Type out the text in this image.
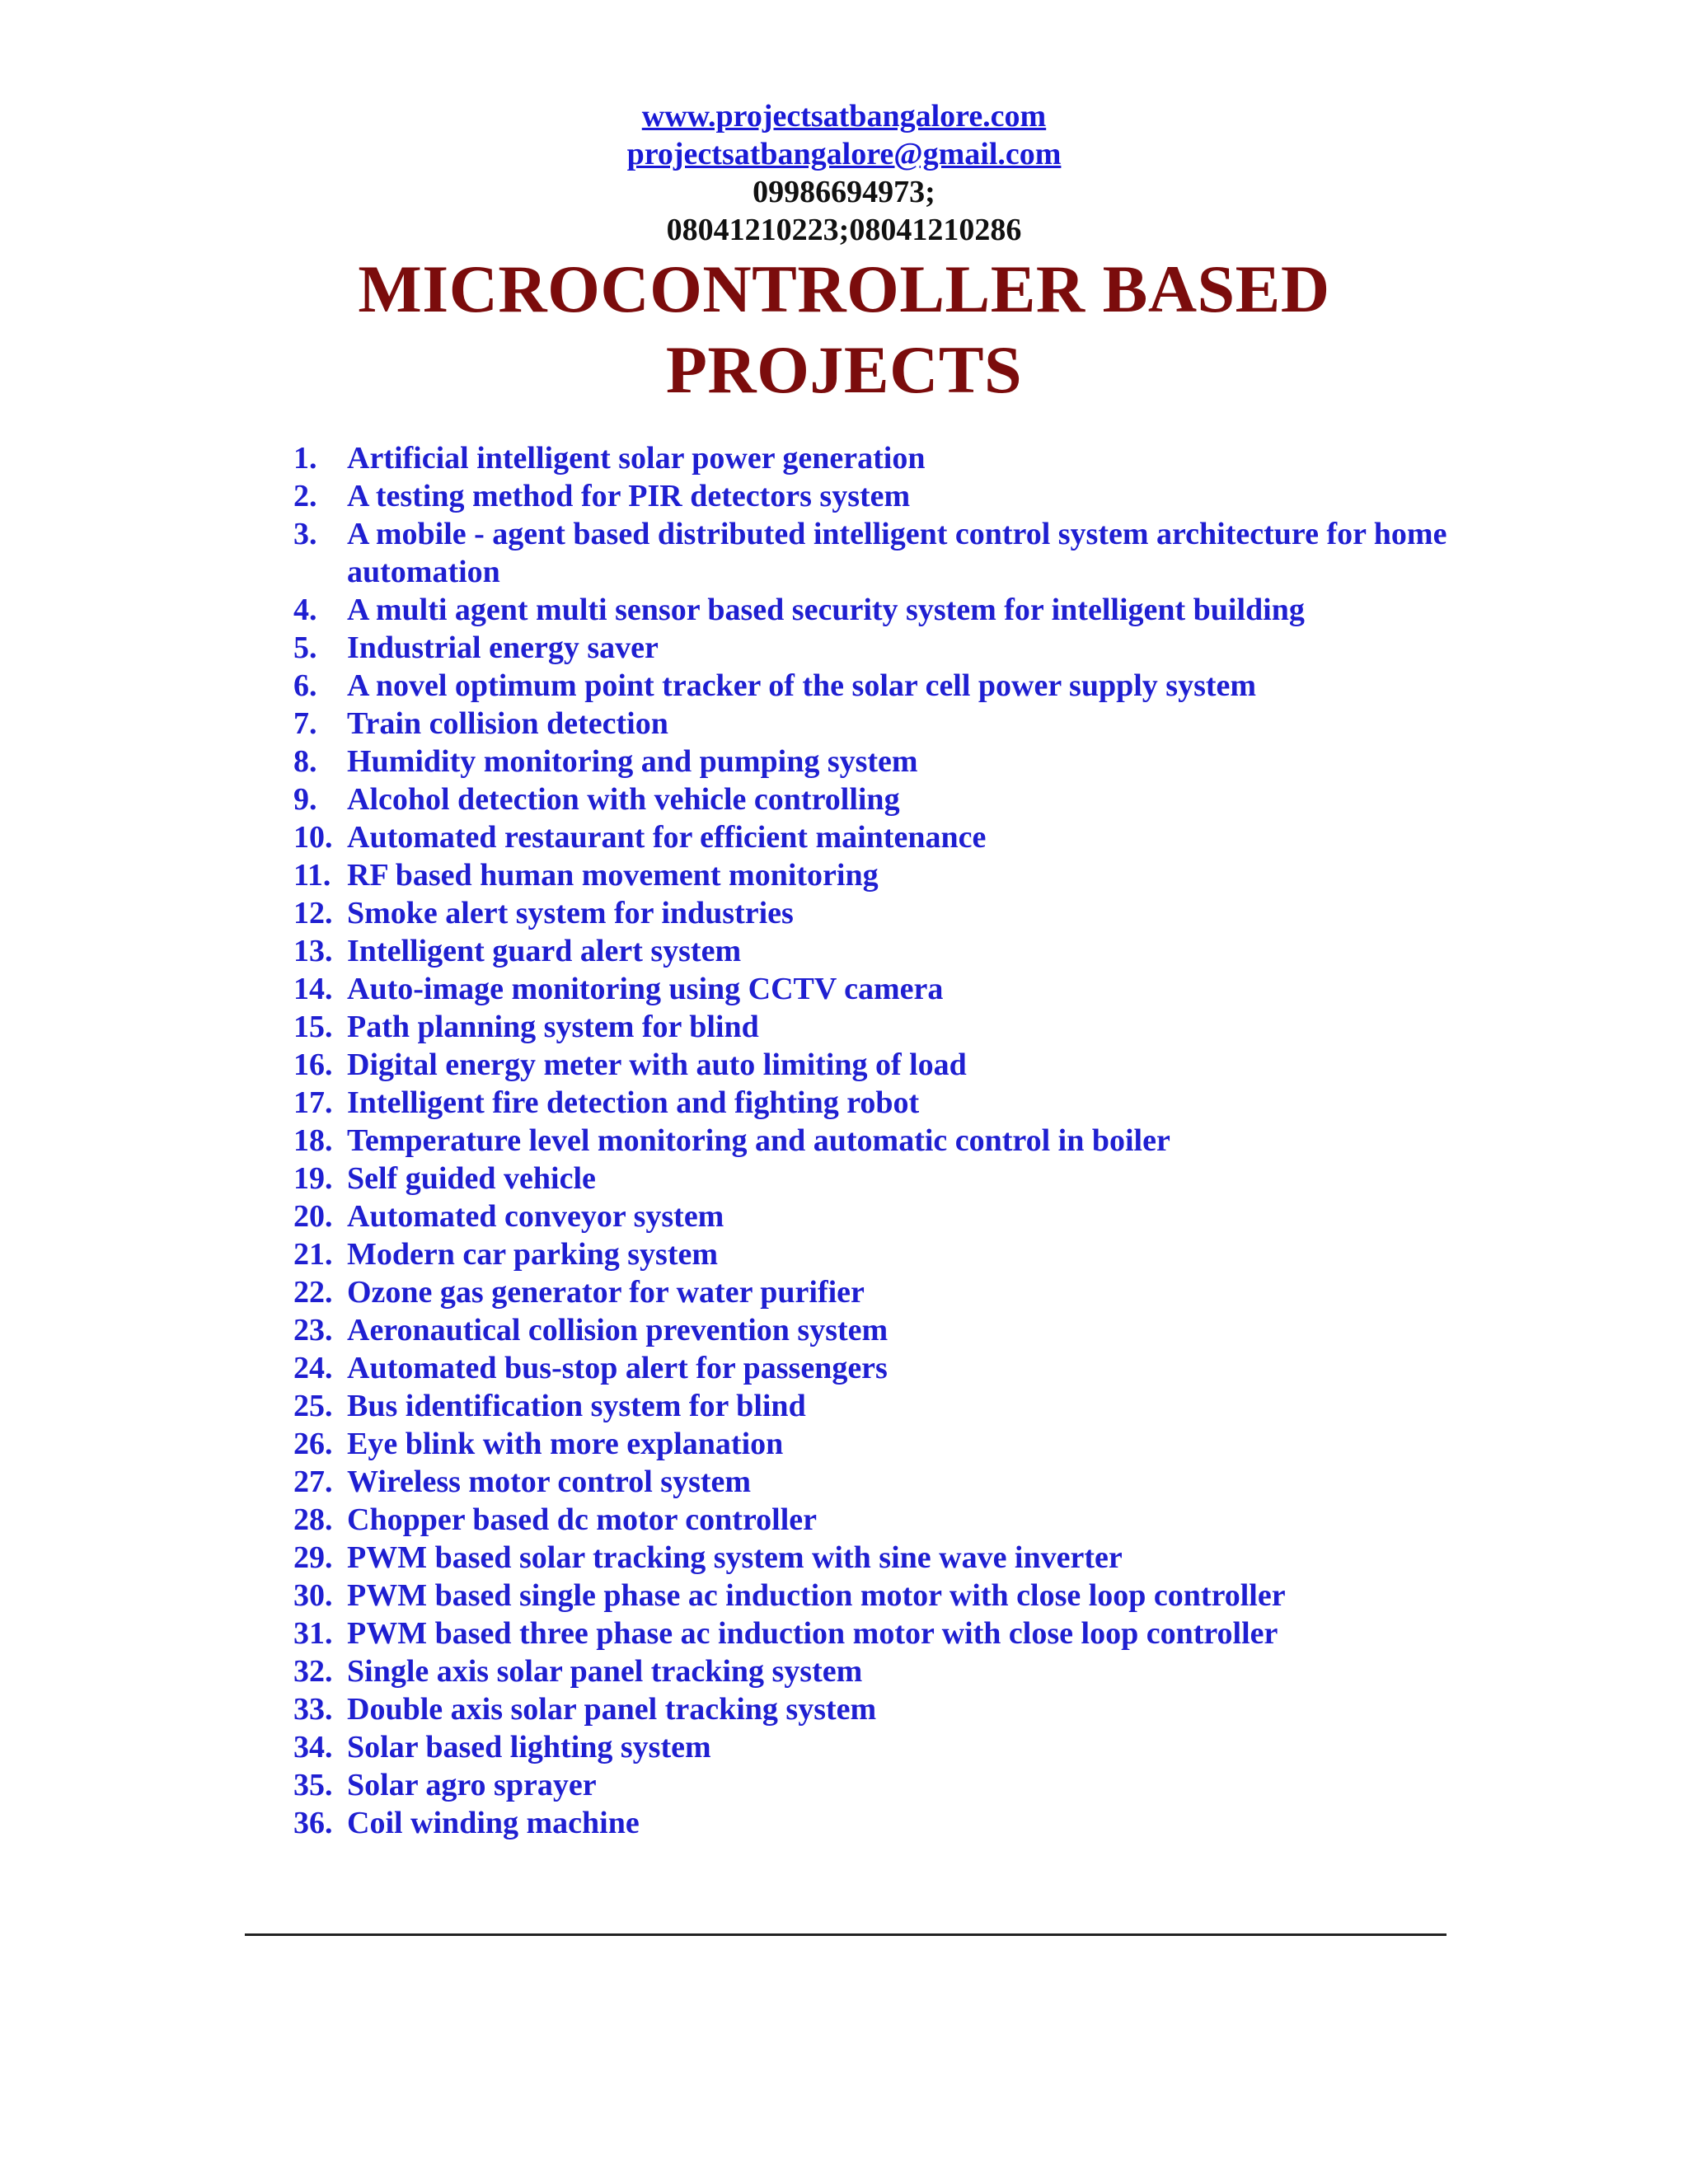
www.projectsatbangalore.com
projectsatbangalore@gmail.com
09986694973;
08041210223;08041210286
MICROCONTROLLER BASED
PROJECTS
1. Artificial intelligent solar power generation
2. A testing method for PIR detectors system
3. A mobile - agent based distributed intelligent control system architecture for home automation
4. A multi agent multi sensor based security system for intelligent building
5. Industrial energy saver
6. A novel optimum point tracker of the solar cell power supply system
7. Train collision detection
8. Humidity monitoring and pumping system
9. Alcohol detection with vehicle controlling
10. Automated restaurant for efficient maintenance
11. RF based human movement monitoring
12. Smoke alert system for industries
13. Intelligent guard alert system
14. Auto-image monitoring using CCTV camera
15. Path planning system for blind
16. Digital energy meter with auto limiting of load
17. Intelligent fire detection and fighting robot
18. Temperature level monitoring and automatic control in boiler
19. Self guided vehicle
20. Automated conveyor system
21. Modern car parking system
22. Ozone gas generator for water purifier
23. Aeronautical collision prevention system
24. Automated bus-stop alert for passengers
25. Bus identification system for blind
26. Eye blink with more explanation
27. Wireless motor control system
28. Chopper based dc motor controller
29. PWM based solar tracking system with sine wave inverter
30. PWM based single phase ac induction motor with close loop controller
31. PWM based three phase ac induction motor with close loop controller
32. Single axis solar panel tracking system
33. Double axis solar panel tracking system
34. Solar based lighting system
35. Solar agro sprayer
36. Coil winding machine
